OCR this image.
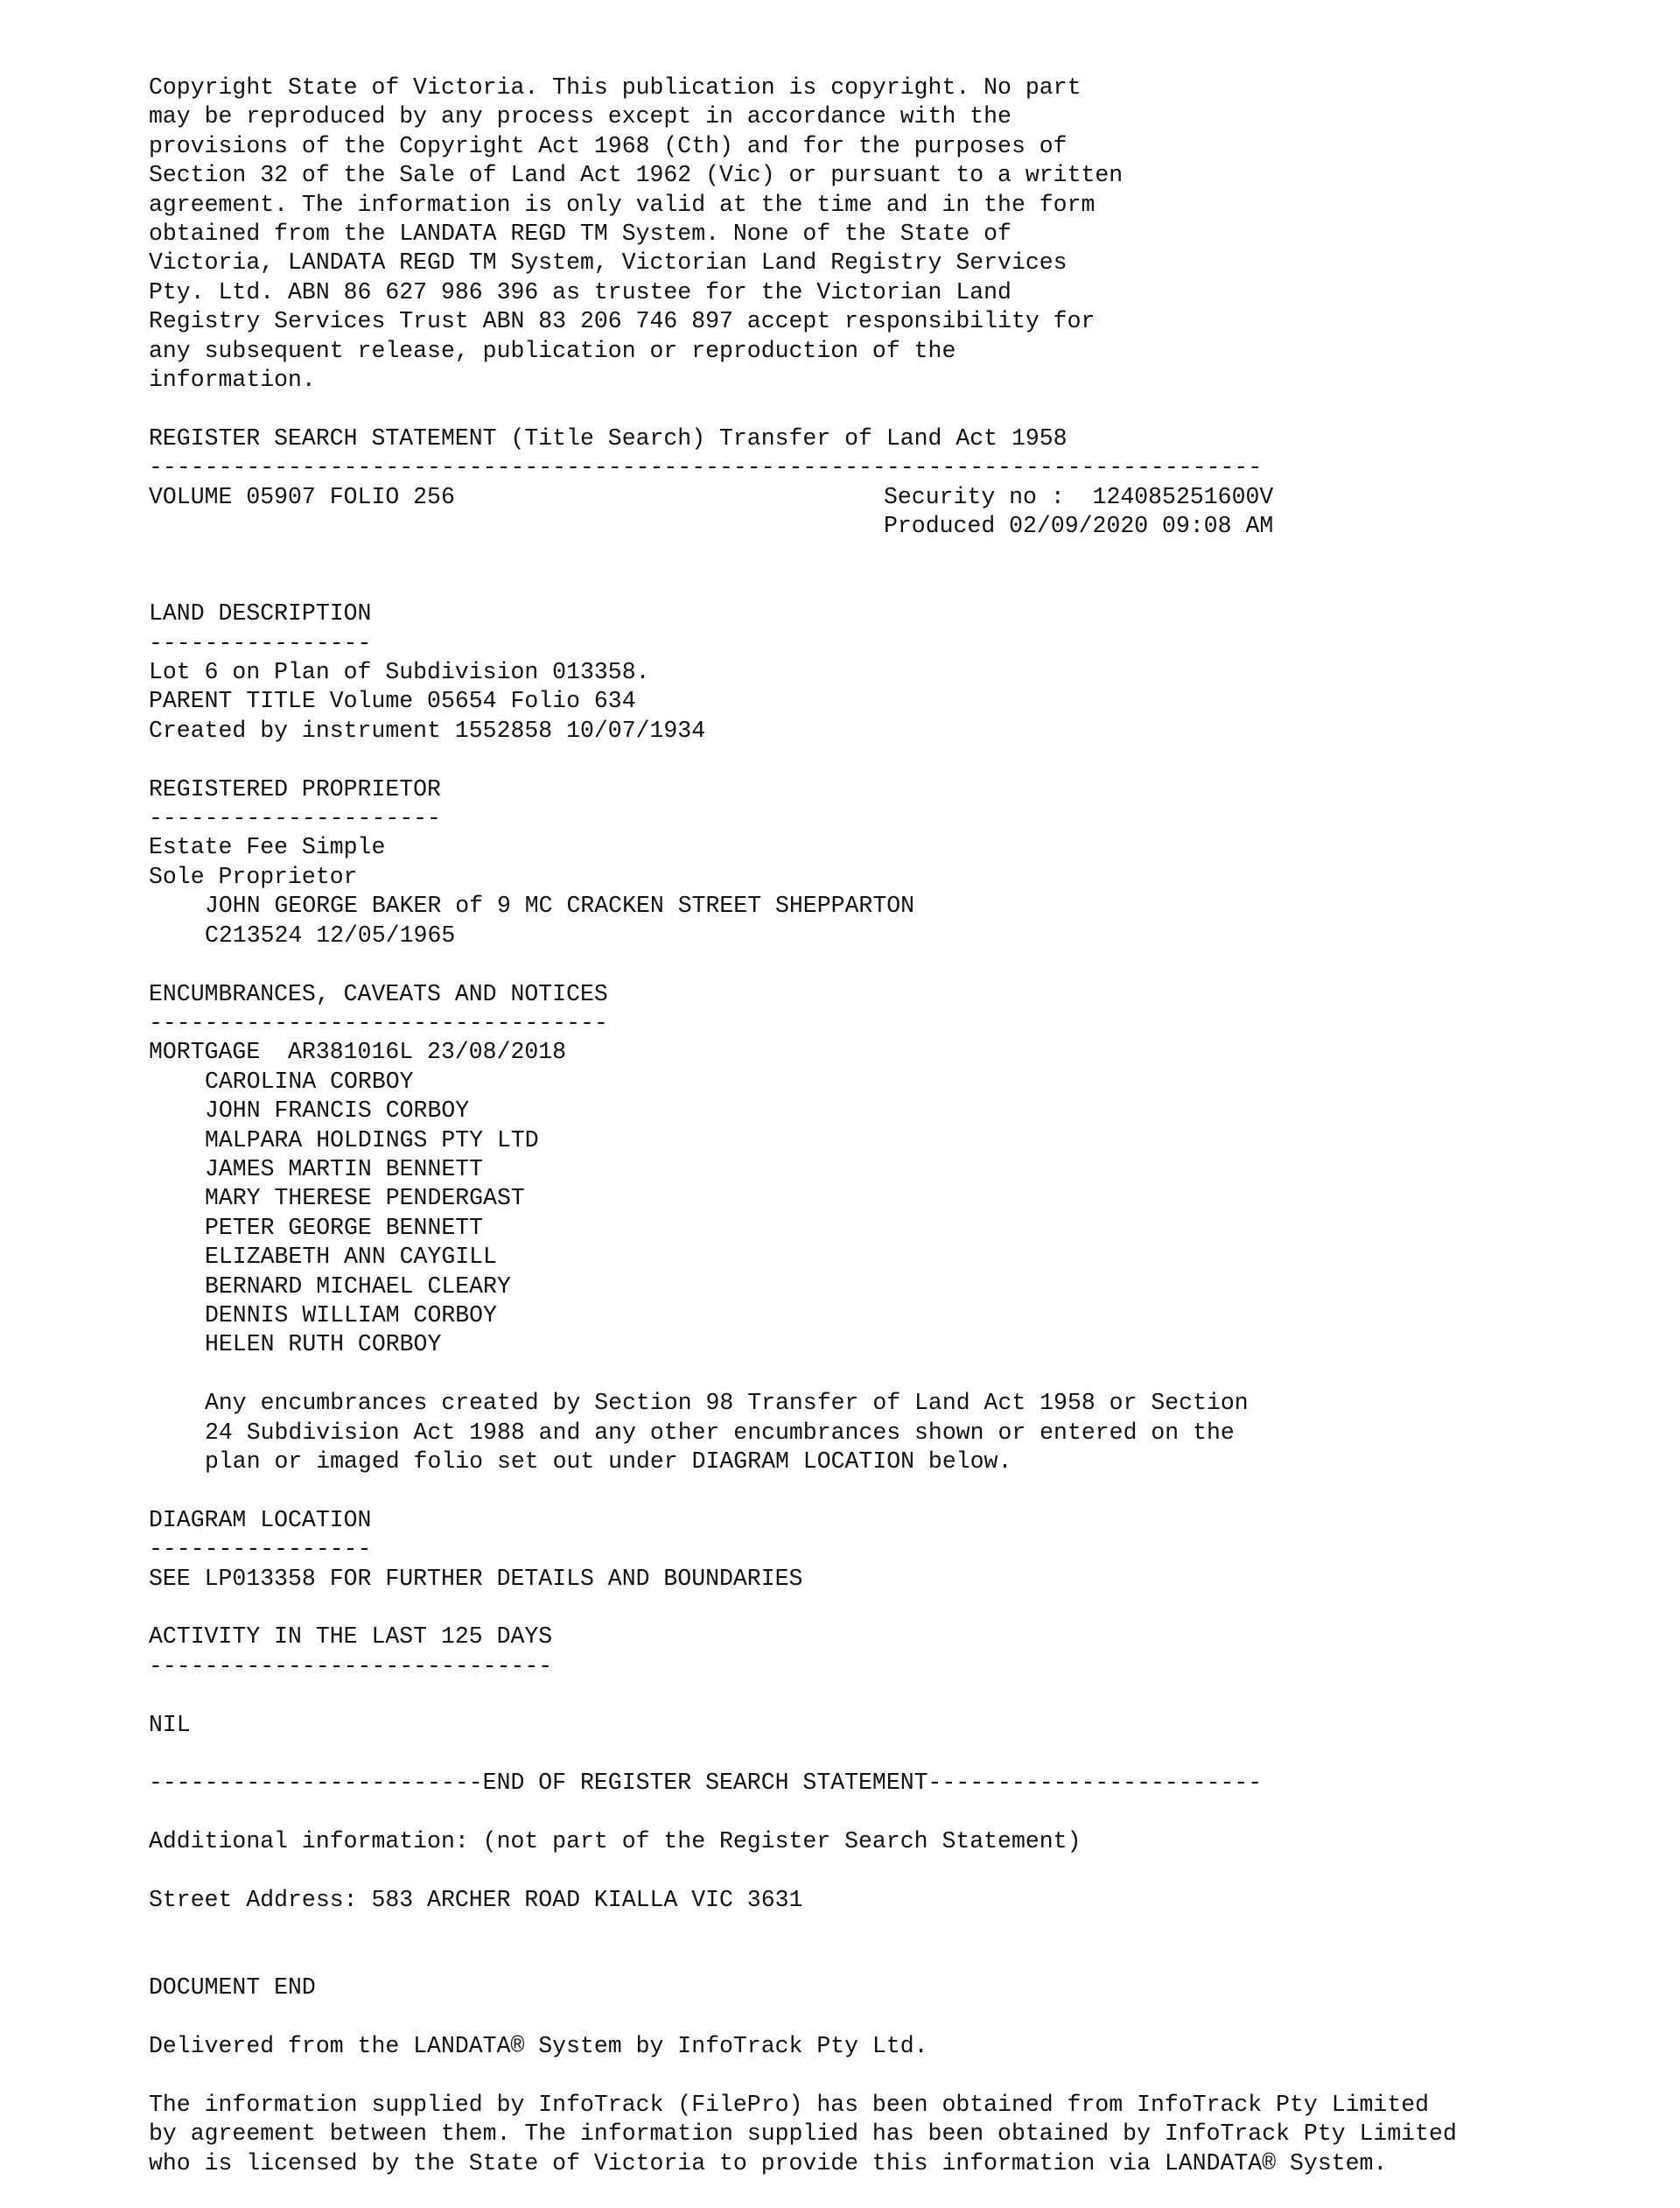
Copyright State of Victoria. This publication is copyright. No part
may be reproduced by any process except in accordance with the
provisions of the Copyright Act 1968 (Cth) and for the purposes of
Section 32 of the Sale of Land Act 1962 (Vic) or pursuant to a written
agreement. The information is only valid at the time and in the form
obtained from the LANDATA REGD TM System. None of the State of
Victoria, LANDATA REGD TM System, Victorian Land Registry Services
Pty. Ltd. ABN 86 627 986 396 as trustee for the Victorian Land
Registry Services Trust ABN 83 206 746 897 accept responsibility for
any subsequent release, publication or reproduction of the
information.
REGISTER SEARCH STATEMENT (Title Search) Transfer of Land Act 1958
--------------------------------------------------------------------------------
VOLUME 05907 FOLIO 256	Security no :  124085251600V
Produced 02/09/2020 09:08 AM
LAND DESCRIPTION
----------------
Lot 6 on Plan of Subdivision 013358.
PARENT TITLE Volume 05654 Folio 634
Created by instrument 1552858 10/07/1934
REGISTERED PROPRIETOR
---------------------
Estate Fee Simple
Sole Proprietor
JOHN GEORGE BAKER of 9 MC CRACKEN STREET SHEPPARTON
C213524 12/05/1965
ENCUMBRANCES, CAVEATS AND NOTICES
---------------------------------
MORTGAGE  AR381016L 23/08/2018
CAROLINA CORBOY
JOHN FRANCIS CORBOY
MALPARA HOLDINGS PTY LTD
JAMES MARTIN BENNETT
MARY THERESE PENDERGAST
PETER GEORGE BENNETT
ELIZABETH ANN CAYGILL
BERNARD MICHAEL CLEARY
DENNIS WILLIAM CORBOY
HELEN RUTH CORBOY
Any encumbrances created by Section 98 Transfer of Land Act 1958 or Section
24 Subdivision Act 1988 and any other encumbrances shown or entered on the
plan or imaged folio set out under DIAGRAM LOCATION below.
DIAGRAM LOCATION
----------------
SEE LP013358 FOR FURTHER DETAILS AND BOUNDARIES
ACTIVITY IN THE LAST 125 DAYS
-----------------------------
NIL
------------------------END OF REGISTER SEARCH STATEMENT------------------------
Additional information: (not part of the Register Search Statement)
Street Address: 583 ARCHER ROAD KIALLA VIC 3631
DOCUMENT END
Delivered from the LANDATA® System by InfoTrack Pty Ltd.
The information supplied by InfoTrack (FilePro) has been obtained from InfoTrack Pty Limited
by agreement between them. The information supplied has been obtained by InfoTrack Pty Limited
who is licensed by the State of Victoria to provide this information via LANDATA® System.
